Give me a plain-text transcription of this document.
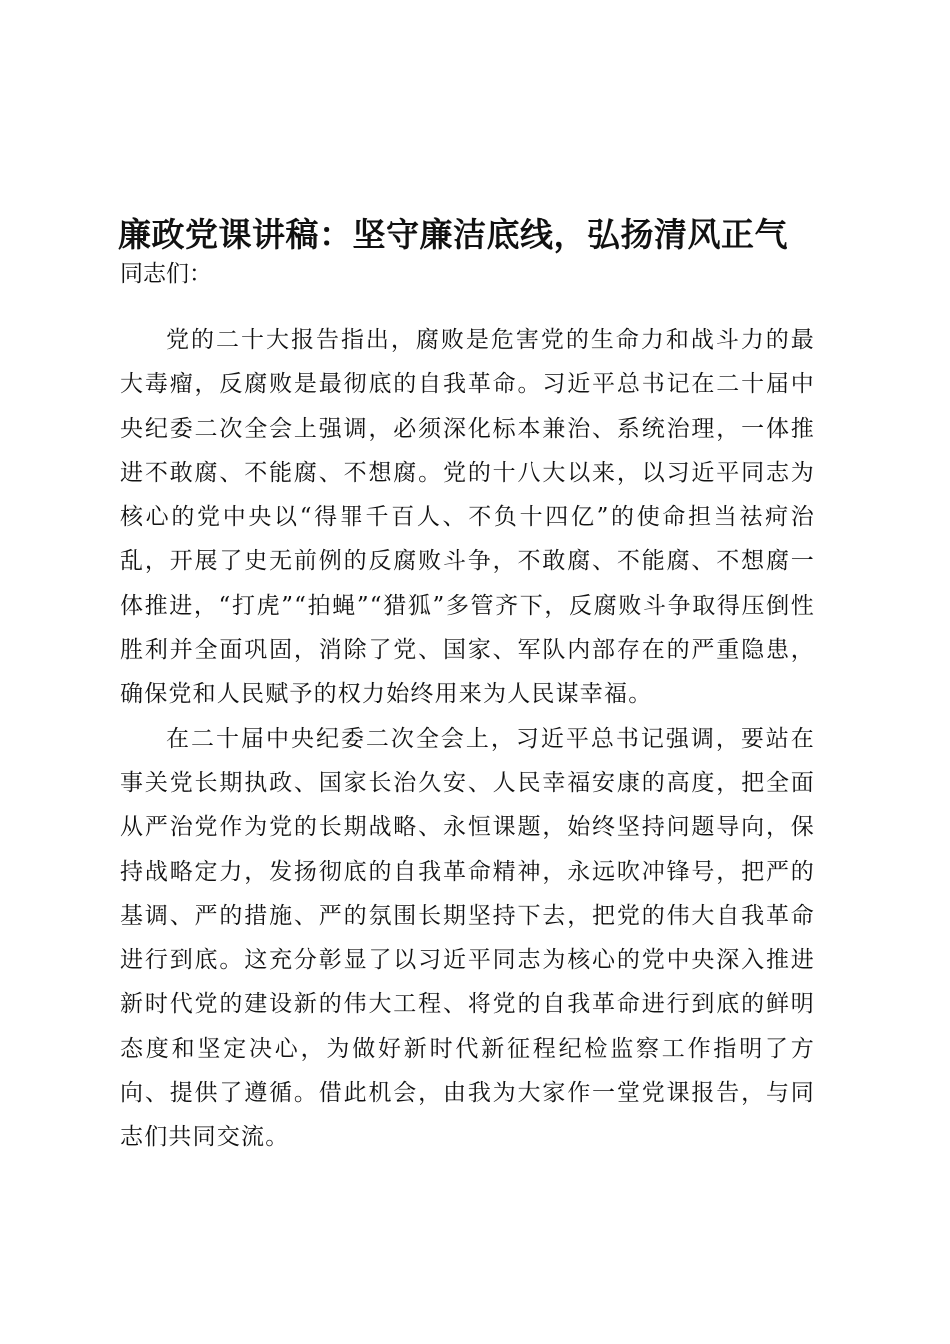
廉政党课讲稿：坚守廉洁底线，弘扬清风正气

同志们：

党的二十大报告指出，腐败是危害党的生命力和战斗力的最大毒瘤，反腐败是最彻底的自我革命。习近平总书记在二十届中央纪委二次全会上强调，必须深化标本兼治、系统治理，一体推进不敢腐、不能腐、不想腐。党的十八大以来，以习近平同志为核心的党中央以“得罪千百人、不负十四亿”的使命担当祛疴治乱，开展了史无前例的反腐败斗争，不敢腐、不能腐、不想腐一体推进，“打虎”“拍蝇”“猎狐”多管齐下，反腐败斗争取得压倒性胜利并全面巩固，消除了党、国家、军队内部存在的严重隐患，确保党和人民赋予的权力始终用来为人民谋幸福。

在二十届中央纪委二次全会上，习近平总书记强调，要站在事关党长期执政、国家长治久安、人民幸福安康的高度，把全面从严治党作为党的长期战略、永恒课题，始终坚持问题导向，保持战略定力，发扬彻底的自我革命精神，永远吹冲锋号，把严的基调、严的措施、严的氛围长期坚持下去，把党的伟大自我革命进行到底。这充分彰显了以习近平同志为核心的党中央深入推进新时代党的建设新的伟大工程、将党的自我革命进行到底的鲜明态度和坚定决心，为做好新时代新征程纪检监察工作指明了方向、提供了遵循。借此机会，由我为大家作一堂党课报告，与同志们共同交流。
